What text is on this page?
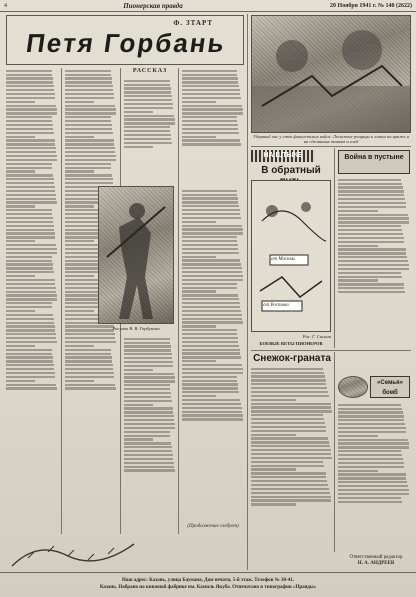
4	Пионерская правда	20 Ноября 1941 г. № 140 (2622)
Ф. ЗТАРТ
Петя Горбань
РАССКАЗ
Рисунок В. В. Горбунова
(Продолжение следует)
Ударный час у стен фашистских войск. Лесистые рощицы и ломки на вражь и на сделанных танков и хлеб
НА ШТЫКЕ
В обратный
от Москвы
от Ростова
Рис. Г. Сиснин
БОЕВЫЕ ВЕТЫ ПИОНЕРОВ
Война в пустыне
Снежок-граната
«Семья» бомб
Ответственный редактор
Н. А. АНДРЕЕВ
Наш адрес: Казань, улица Баумана, Дом печати, 5-й этаж. Телефон № 30-41.
Казань. Набрано на книжной фабрике им. Камиль Якуба. Отпечатано в типографии «Правды»
